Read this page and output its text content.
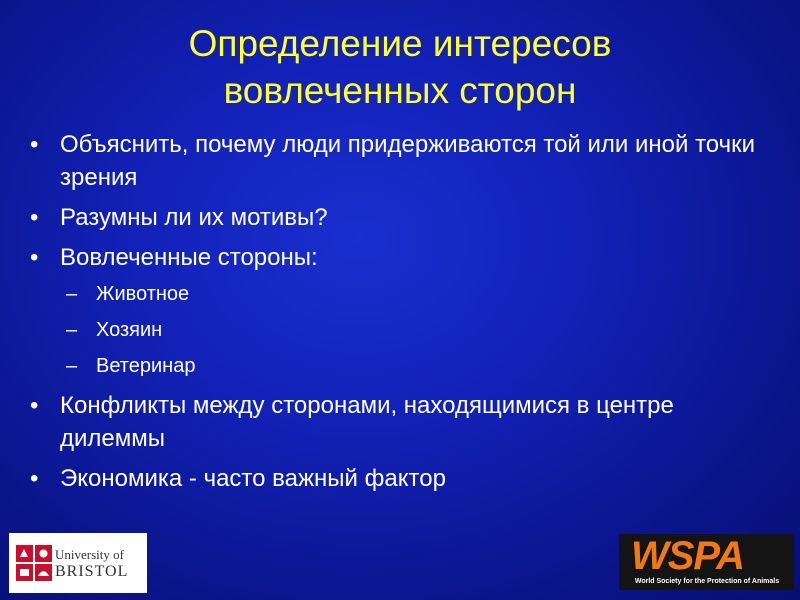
Определение интересов
вовлеченных сторон
• Объяснить, почему люди придерживаются той или иной точки зрения
• Разумны ли их мотивы?
• Вовлеченные стороны:
– Животное
– Хозяин
– Ветеринар
• Конфликты между сторонами, находящимися в центре дилеммы
• Экономика - часто важный фактор
University of
BRISTOL	WSPA
World Society for the Protection of Animals
